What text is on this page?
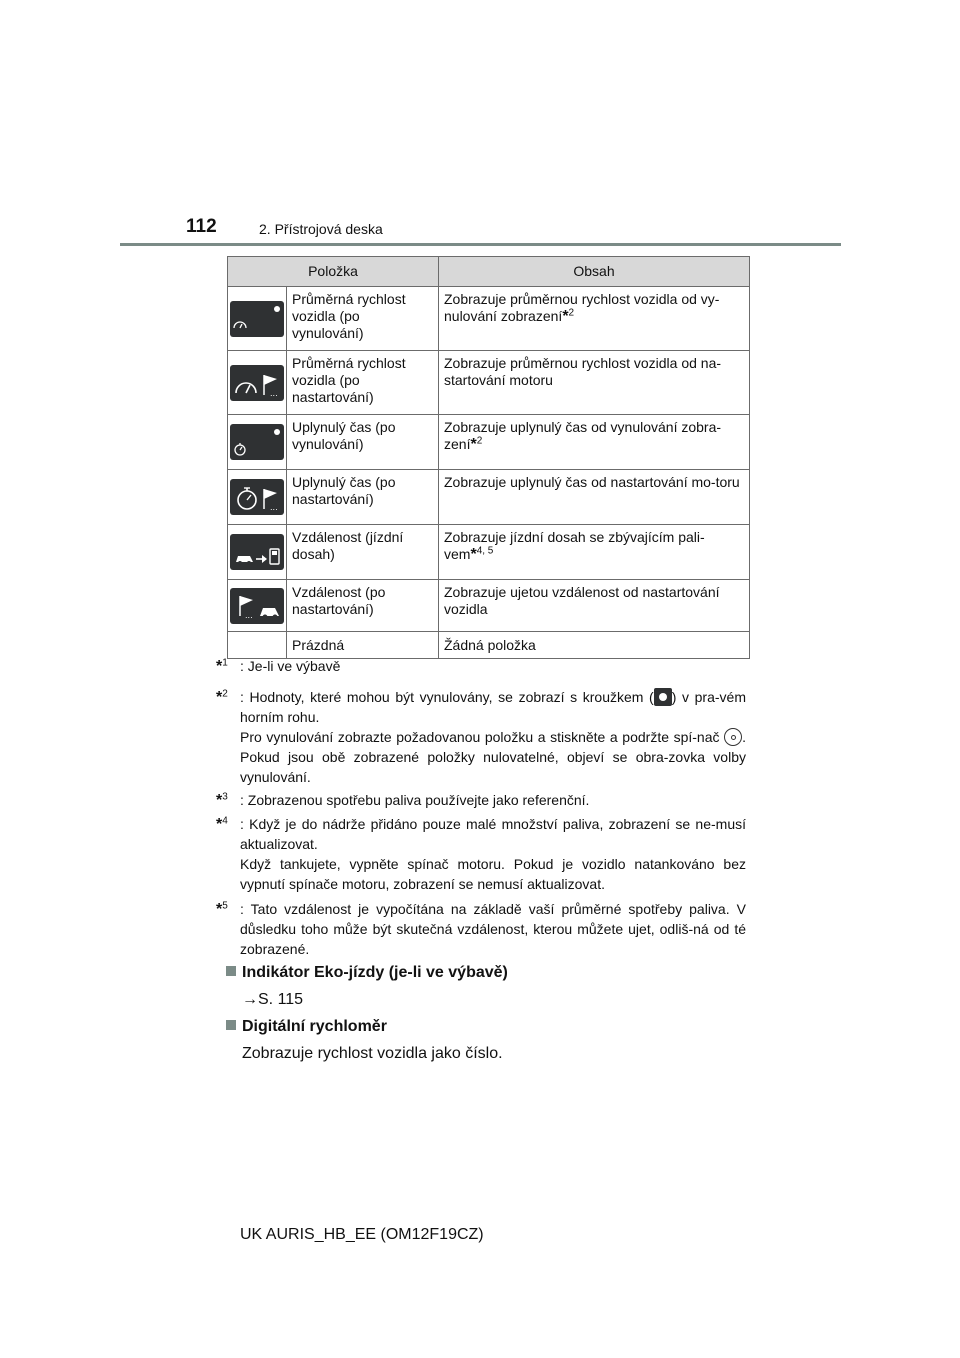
112	2. Přístrojová deska
Položka		Obsah

	Průměrná rychlost vozidla (po vynulování)	Zobrazuje průměrnou rychlost vozidla od vy-nulování zobrazení*$^2$

...	Průměrná rychlost vozidla (po nastartování)	Zobrazuje průměrnou rychlost vozidla od na-startování motoru

	Uplynulý čas (po vynulování)	Zobrazuje uplynulý čas od vynulování zobra-zení*$^2$

...	Uplynulý čas (po nastartování)	Zobrazuje uplynulý čas od nastartování mo-toru

	Vzdálenost (jízdní dosah)	Zobrazuje jízdní dosah se zbývajícím pali-vem*$^{4, 5}$

...	Vzdálenost (po nastartování)	Zobrazuje ujetou vzdálenost od nastartování vozidla
	Prázdná	Žádná položka
*$^1$ : Je-li ve výbavě
*$^2$ : Hodnoty, které mohou být vynulovány, se zobrazí s kroužkem ( ) v pra-vém horním rohu.
Pro vynulování zobrazte požadovanou položku a stiskněte a podržte spí-nač . Pokud jsou obě zobrazené položky nulovatelné, objeví se obra-zovka volby vynulování.
*$^3$ : Zobrazenou spotřebu paliva používejte jako referenční.
*$^4$ : Když je do nádrže přidáno pouze malé množství paliva, zobrazení se ne-musí aktualizovat.
Když tankujete, vypněte spínač motoru. Pokud je vozidlo natankováno bez vypnutí spínače motoru, zobrazení se nemusí aktualizovat.
*$^5$ : Tato vzdálenost je vypočítána na základě vaší průměrné spotřeby paliva. V důsledku toho může být skutečná vzdálenost, kterou můžete ujet, odliš-ná od té zobrazené.
Indikátor Eko-jízdy (je-li ve výbavě)
→S. 115
Digitální rychloměr
Zobrazuje rychlost vozidla jako číslo.
UK AURIS_HB_EE (OM12F19CZ)
